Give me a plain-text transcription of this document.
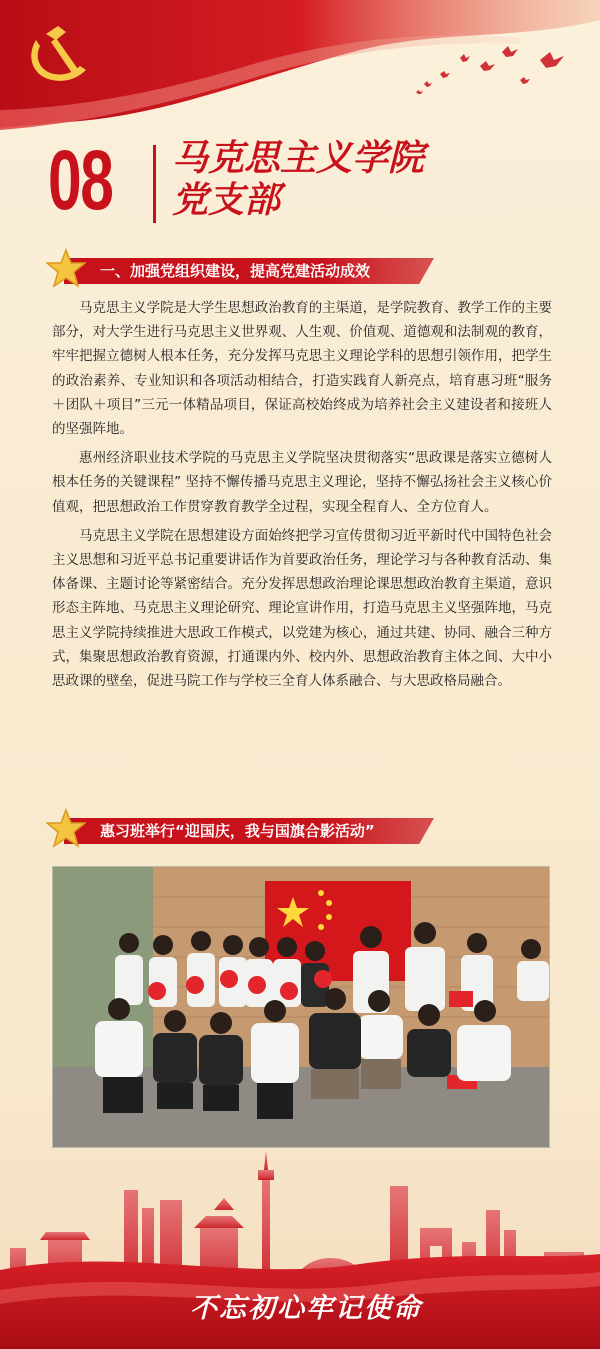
08 马克思主义学院
党支部
一、加强党组织建设，提高党建活动成效

马克思主义学院是大学生思想政治教育的主渠道，是学院教育、教学工作的主要部分，对大学生进行马克思主义世界观、人生观、价值观、道德观和法制观的教育，牢牢把握立德树人根本任务，充分发挥马克思主义理论学科的思想引领作用，把学生的政治素养、专业知识和各项活动相结合，打造实践育人新亮点，培育惠习班“服务＋团队＋项目”三元一体精品项目，保证高校始终成为培养社会主义建设者和接班人的坚强阵地。

惠州经济职业技术学院的马克思主义学院坚决贯彻落实“思政课是落实立德树人根本任务的关键课程” 坚持不懈传播马克思主义理论，坚持不懈弘扬社会主义核心价值观，把思想政治工作贯穿教育教学全过程，实现全程育人、全方位育人。

马克思主义学院在思想建设方面始终把学习宣传贯彻习近平新时代中国特色社会主义思想和习近平总书记重要讲话作为首要政治任务，理论学习与各种教育活动、集体备课、主题讨论等紧密结合。充分发挥思想政治理论课思想政治教育主渠道，意识形态主阵地、马克思主义理论研究、理论宣讲作用，打造马克思主义坚强阵地，马克思主义学院持续推进大思政工作模式，以党建为核心，通过共建、协同、融合三种方式，集聚思想政治教育资源，打通课内外、校内外、思想政治教育主体之间、大中小思政课的壁垒，促进马院工作与学校三全育人体系融合、与大思政格局融合。

惠习班举行“迎国庆，我与国旗合影活动”
不忘初心牢记使命
